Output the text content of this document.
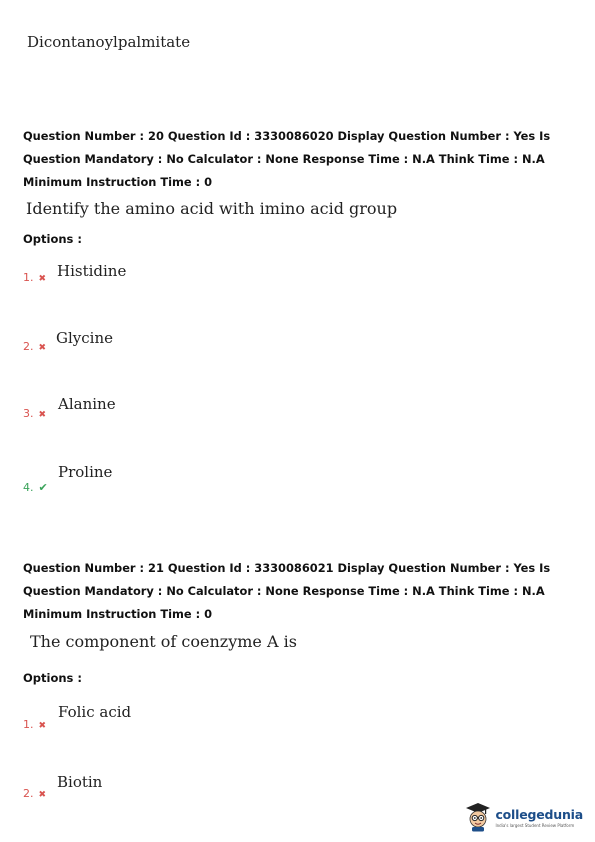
Dicontanoylpalmitate
Question Number : 20 Question Id : 3330086020 Display Question Number : Yes Is Question Mandatory : No Calculator : None Response Time : N.A Think Time : N.A Minimum Instruction Time : 0
Identify the amino acid with imino acid group
Options :
1. ✖ Histidine
2. ✖
Glycine
3. ✖
Alanine
4. ✔
Proline
Question Number : 21 Question Id : 3330086021 Display Question Number : Yes Is Question Mandatory : No Calculator : None Response Time : N.A Think Time : N.A Minimum Instruction Time : 0
The component of coenzyme A is
Options :
1. ✖
Folic acid
2. ✖
Biotin
collegedunia
India's largest Student Review Platform
